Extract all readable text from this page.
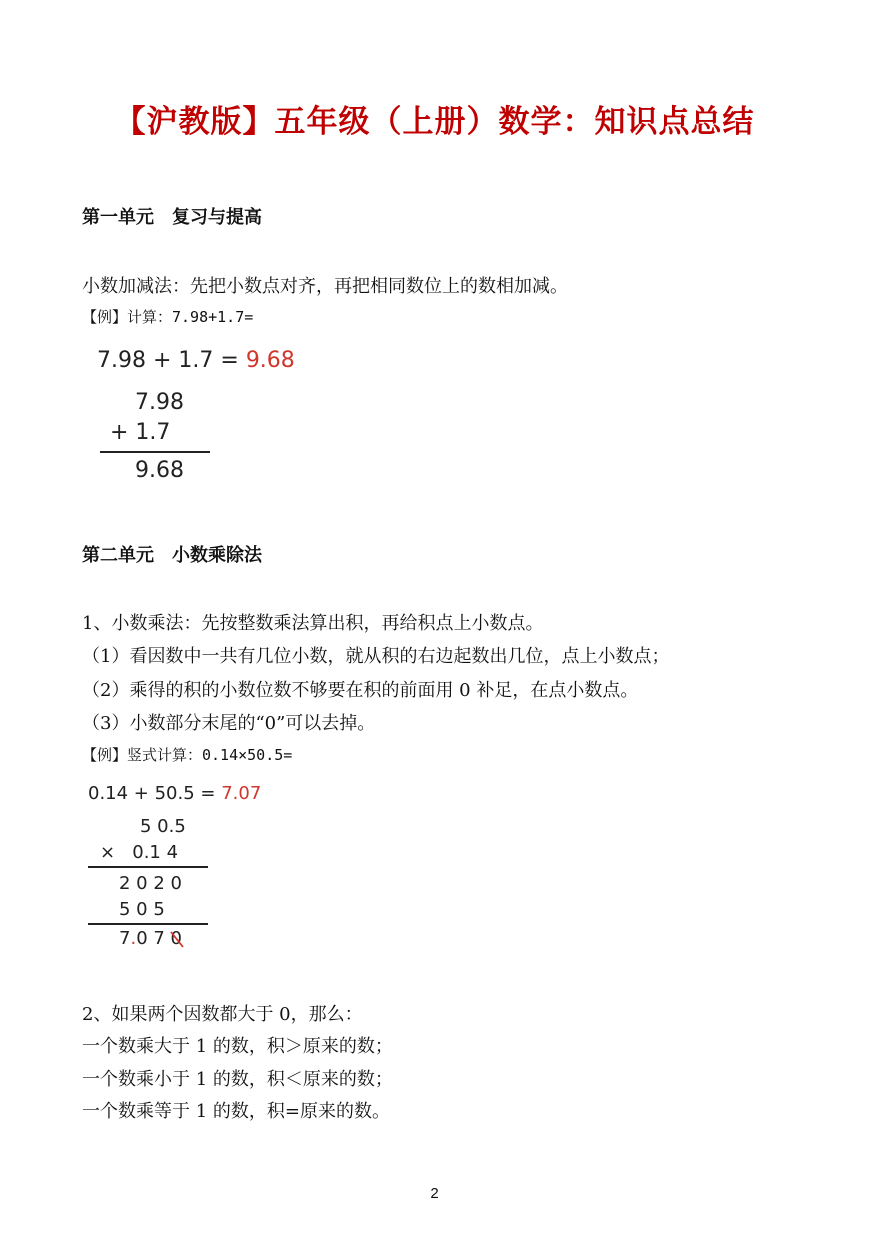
【沪教版】五年级（上册）数学：知识点总结
第一单元　复习与提高
小数加减法：先把小数点对齐，再把相同数位上的数相加减。
【例】计算：7.98+1.7=
7.98 + 1.7 = 9.68
7.98
+ 1.7
9.68
第二单元　小数乘除法
1、小数乘法：先按整数乘法算出积，再给积点上小数点。
（1）看因数中一共有几位小数，就从积的右边起数出几位，点上小数点；
（2）乘得的积的小数位数不够要在积的前面用 0 补足，在点小数点。
（3）小数部分末尾的“0”可以去掉。
【例】竖式计算：0.14×50.5=
0.14 + 50.5 = 7.07
5 0.5
×   0.1 4
2 0 2 0
5 0 5
7.0 7 0
2、如果两个因数都大于 0，那么：
一个数乘大于 1 的数，积＞原来的数；
一个数乘小于 1 的数，积＜原来的数；
一个数乘等于 1 的数，积=原来的数。
2
